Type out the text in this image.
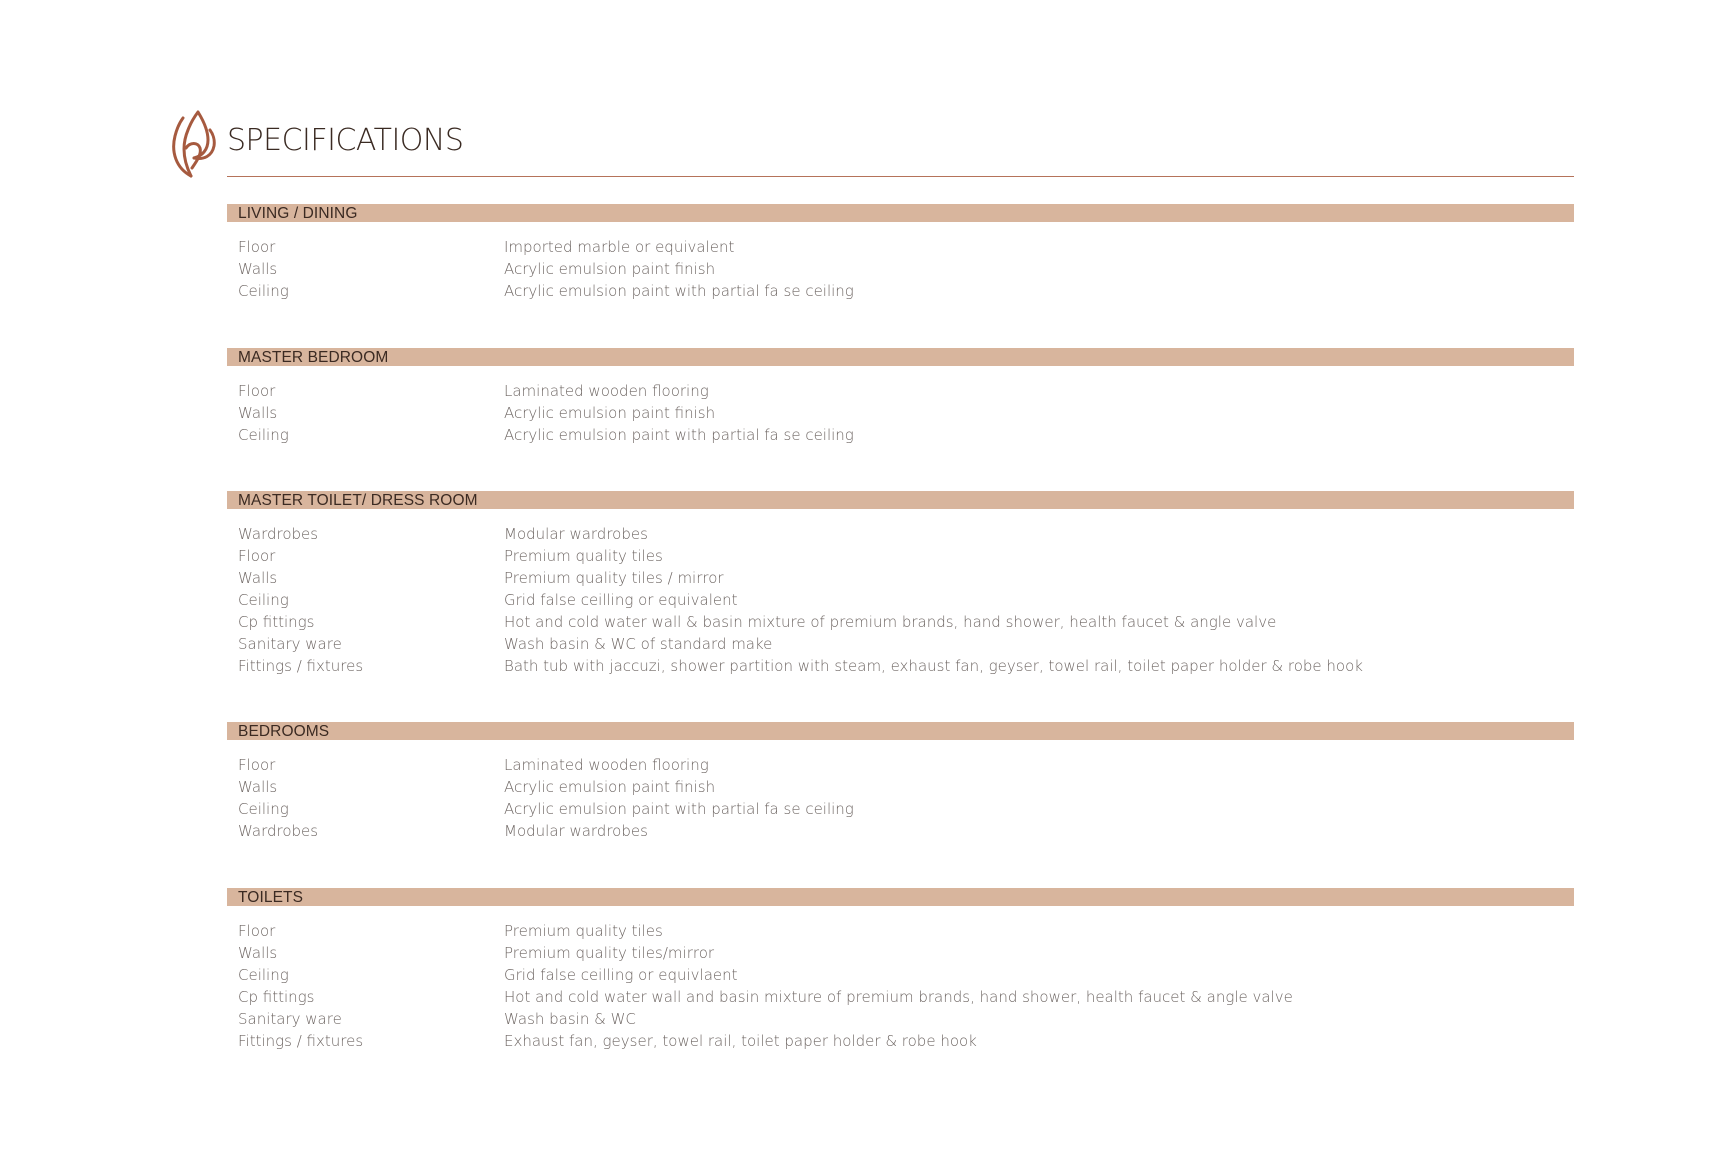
SPECIFICATIONS
LIVING / DINING
Floor	Imported marble or equivalent
Walls	Acrylic emulsion paint finish
Ceiling	Acrylic emulsion paint with partial fa se ceiling
MASTER BEDROOM
Floor	Laminated wooden flooring
Walls	Acrylic emulsion paint finish
Ceiling	Acrylic emulsion paint with partial fa se ceiling
MASTER TOILET/ DRESS ROOM
Wardrobes	Modular wardrobes
Floor	Premium quality tiles
Walls	Premium quality tiles / mirror
Ceiling	Grid false ceilling or equivalent
Cp fittings	Hot and cold water wall & basin mixture of premium brands, hand shower, health faucet & angle valve
Sanitary ware	Wash basin & WC of standard make
Fittings / fixtures	Bath tub with jaccuzi, shower partition with steam, exhaust fan, geyser, towel rail, toilet paper holder & robe hook
BEDROOMS
Floor	Laminated wooden flooring
Walls	Acrylic emulsion paint finish
Ceiling	Acrylic emulsion paint with partial fa se ceiling
Wardrobes	Modular wardrobes
TOILETS
Floor	Premium quality tiles
Walls	Premium quality tiles/mirror
Ceiling	Grid false ceilling or equivlaent
Cp fittings	Hot and cold water wall and basin mixture of premium brands, hand shower, health faucet & angle valve
Sanitary ware	Wash basin & WC
Fittings / fixtures	Exhaust fan, geyser, towel rail, toilet paper holder & robe hook
